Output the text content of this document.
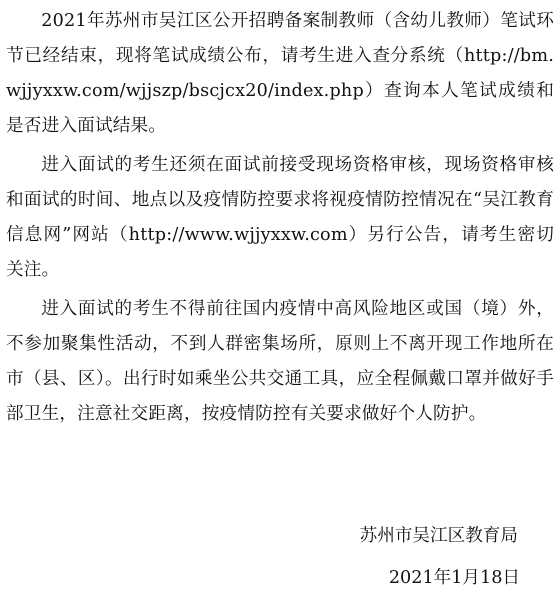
2021年苏州市吴江区公开招聘备案制教师（含幼儿教师）笔试环节已经结束，现将笔试成绩公布，请考生进入查分系统（http://bm.wjjyxxw.com/wjjszp/bscjcx20/index.php）查询本人笔试成绩和是否进入面试结果。

进入面试的考生还须在面试前接受现场资格审核，现场资格审核和面试的时间、地点以及疫情防控要求将视疫情防控情况在“吴江教育信息网”网站（http://www.wjjyxxw.com）另行公告，请考生密切关注。

进入面试的考生不得前往国内疫情中高风险地区或国（境）外，不参加聚集性活动，不到人群密集场所，原则上不离开现工作地所在市（县、区）。出行时如乘坐公共交通工具，应全程佩戴口罩并做好手部卫生，注意社交距离，按疫情防控有关要求做好个人防护。

苏州市吴江区教育局
2021年1月18日
